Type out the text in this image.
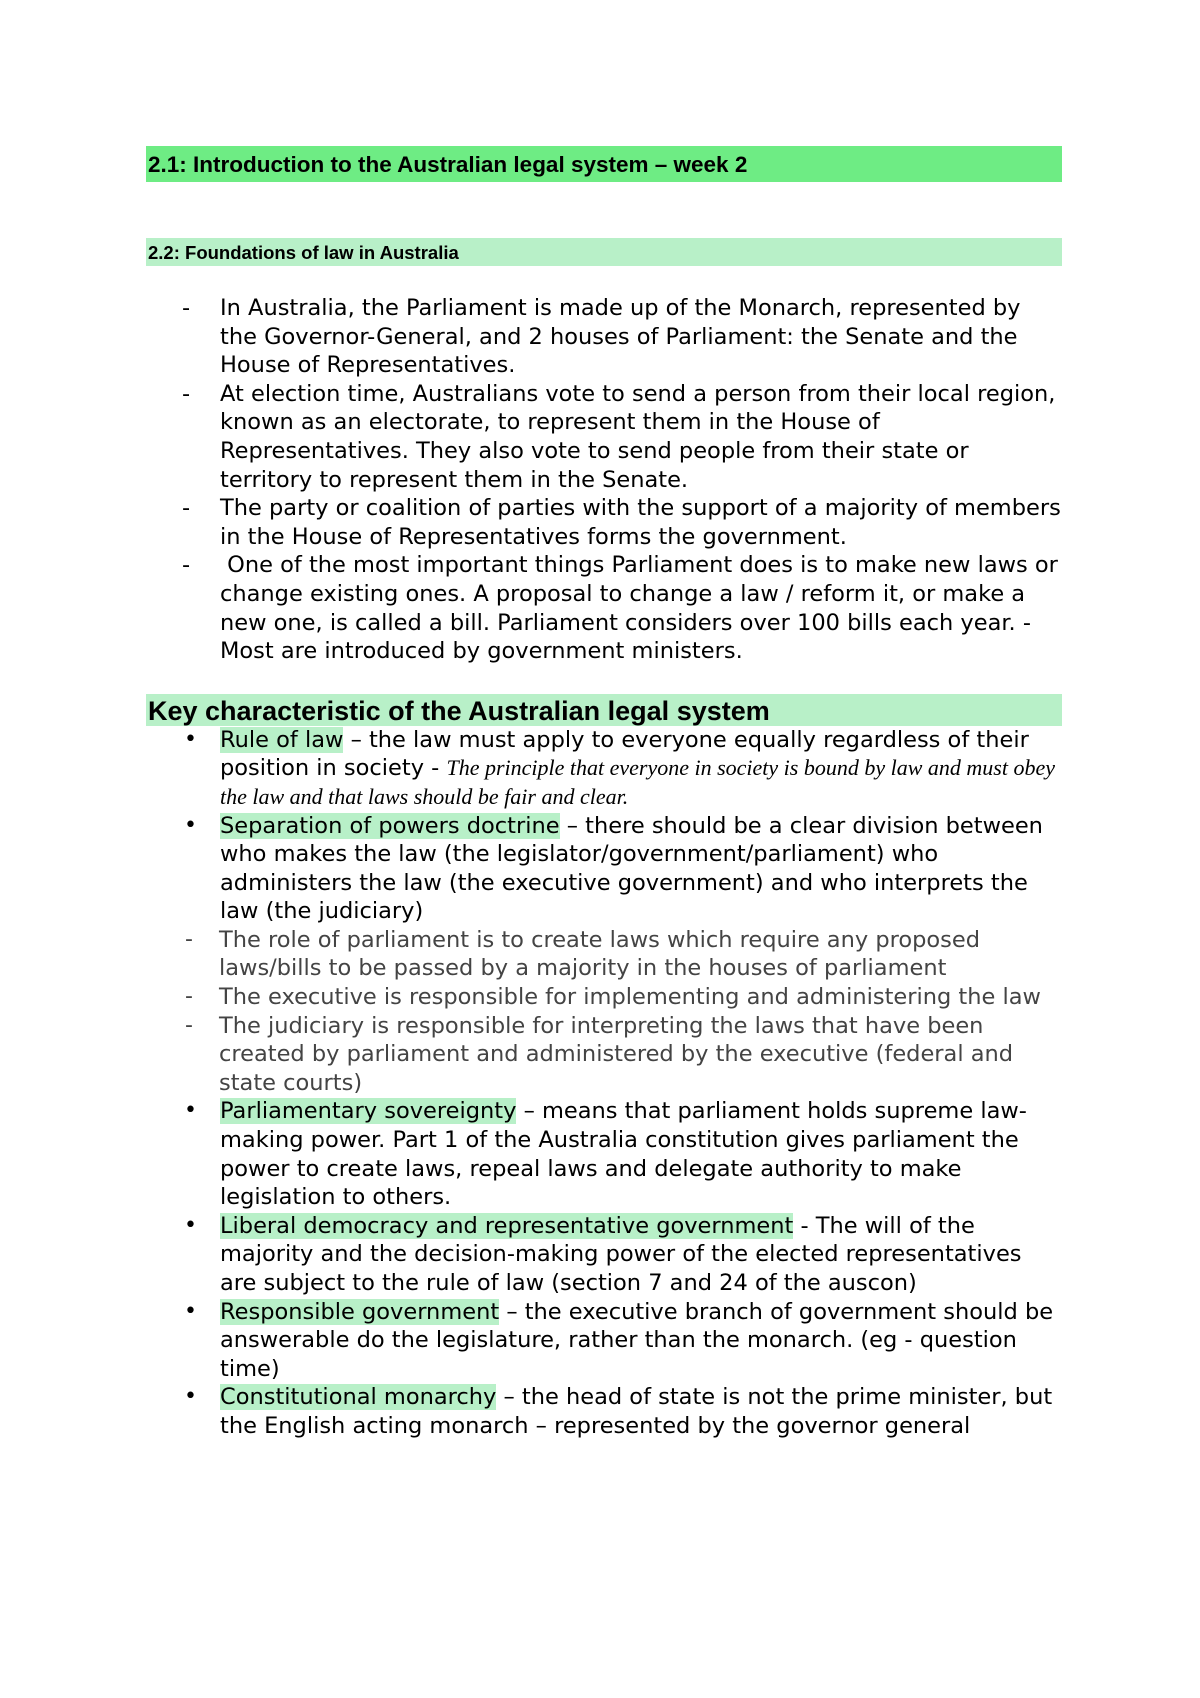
2.1: Introduction to the Australian legal system – week 2
2.2: Foundations of law in Australia
- In Australia, the Parliament is made up of the Monarch, represented by the Governor-General, and 2 houses of Parliament: the Senate and the House of Representatives.
- At election time, Australians vote to send a person from their local region, known as an electorate, to represent them in the House of Representatives. They also vote to send people from their state or territory to represent them in the Senate.
- The party or coalition of parties with the support of a majority of members in the House of Representatives forms the government.
- One of the most important things Parliament does is to make new laws or change existing ones. A proposal to change a law / reform it, or make a new one, is called a bill. Parliament considers over 100 bills each year. - Most are introduced by government ministers.
Key characteristic of the Australian legal system
• Rule of law – the law must apply to everyone equally regardless of their position in society - The principle that everyone in society is bound by law and must obey the law and that laws should be fair and clear.
• Separation of powers doctrine – there should be a clear division between who makes the law (the legislator/government/parliament) who administers the law (the executive government) and who interprets the law (the judiciary)
- The role of parliament is to create laws which require any proposed laws/bills to be passed by a majority in the houses of parliament
- The executive is responsible for implementing and administering the law
- The judiciary is responsible for interpreting the laws that have been created by parliament and administered by the executive (federal and state courts)
• Parliamentary sovereignty – means that parliament holds supreme law-making power. Part 1 of the Australia constitution gives parliament the power to create laws, repeal laws and delegate authority to make legislation to others.
• Liberal democracy and representative government - The will of the majority and the decision-making power of the elected representatives are subject to the rule of law (section 7 and 24 of the auscon)
• Responsible government – the executive branch of government should be answerable do the legislature, rather than the monarch. (eg - question time)
• Constitutional monarchy – the head of state is not the prime minister, but the English acting monarch – represented by the governor general
